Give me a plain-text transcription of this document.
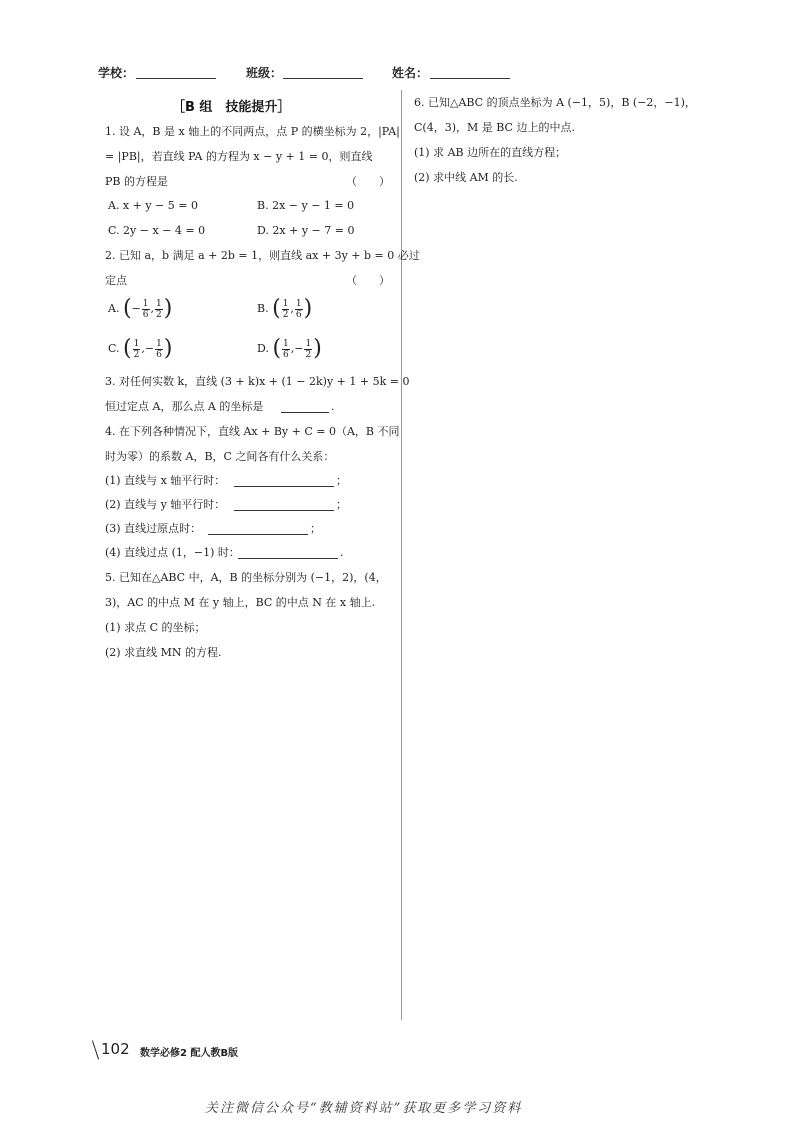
学校：	班级：	姓名：
［B 组　技能提升］
1. 设 A，B 是 x 轴上的不同两点，点 P 的横坐标为 2，|PA|
= |PB|，若直线 PA 的方程为 x − y + 1 = 0，则直线
PB 的方程是	（　　）
A. x + y − 5 = 0	B. 2x − y − 1 = 0
C. 2y − x − 4 = 0	D. 2x + y − 7 = 0
2. 已知 a，b 满足 a + 2b = 1，则直线 ax + 3y + b = 0 必过
定点	（　　）
A. (− $\frac{1}{6}$ , $\frac{1}{2}$ )	B. ( $\frac{1}{2}$ , $\frac{1}{6}$ )
C. ( $\frac{1}{2}$ ,− $\frac{1}{6}$ )	D. ( $\frac{1}{6}$ ,− $\frac{1}{2}$ )
3. 对任何实数 k，直线 (3 + k)x + (1 − 2k)y + 1 + 5k = 0
恒过定点 A，那么点 A 的坐标是	.
4. 在下列各种情况下，直线 Ax + By + C = 0（A，B 不同
时为零）的系数 A，B，C 之间各有什么关系：
(1) 直线与 x 轴平行时：	；
(2) 直线与 y 轴平行时：	；
(3) 直线过原点时：	；
(4) 直线过点 (1，−1) 时：	.
5. 已知在△ABC 中，A，B 的坐标分别为 (−1，2)，(4，
3)，AC 的中点 M 在 y 轴上，BC 的中点 N 在 x 轴上.
(1) 求点 C 的坐标；
(2) 求直线 MN 的方程.
6. 已知△ABC 的顶点坐标为 A (−1，5)，B (−2，−1)，
C(4，3)，M 是 BC 边上的中点.
(1) 求 AB 边所在的直线方程；
(2) 求中线 AM 的长.
102 数学必修2 配人教B版
关注微信公众号“教辅资料站”获取更多学习资料
